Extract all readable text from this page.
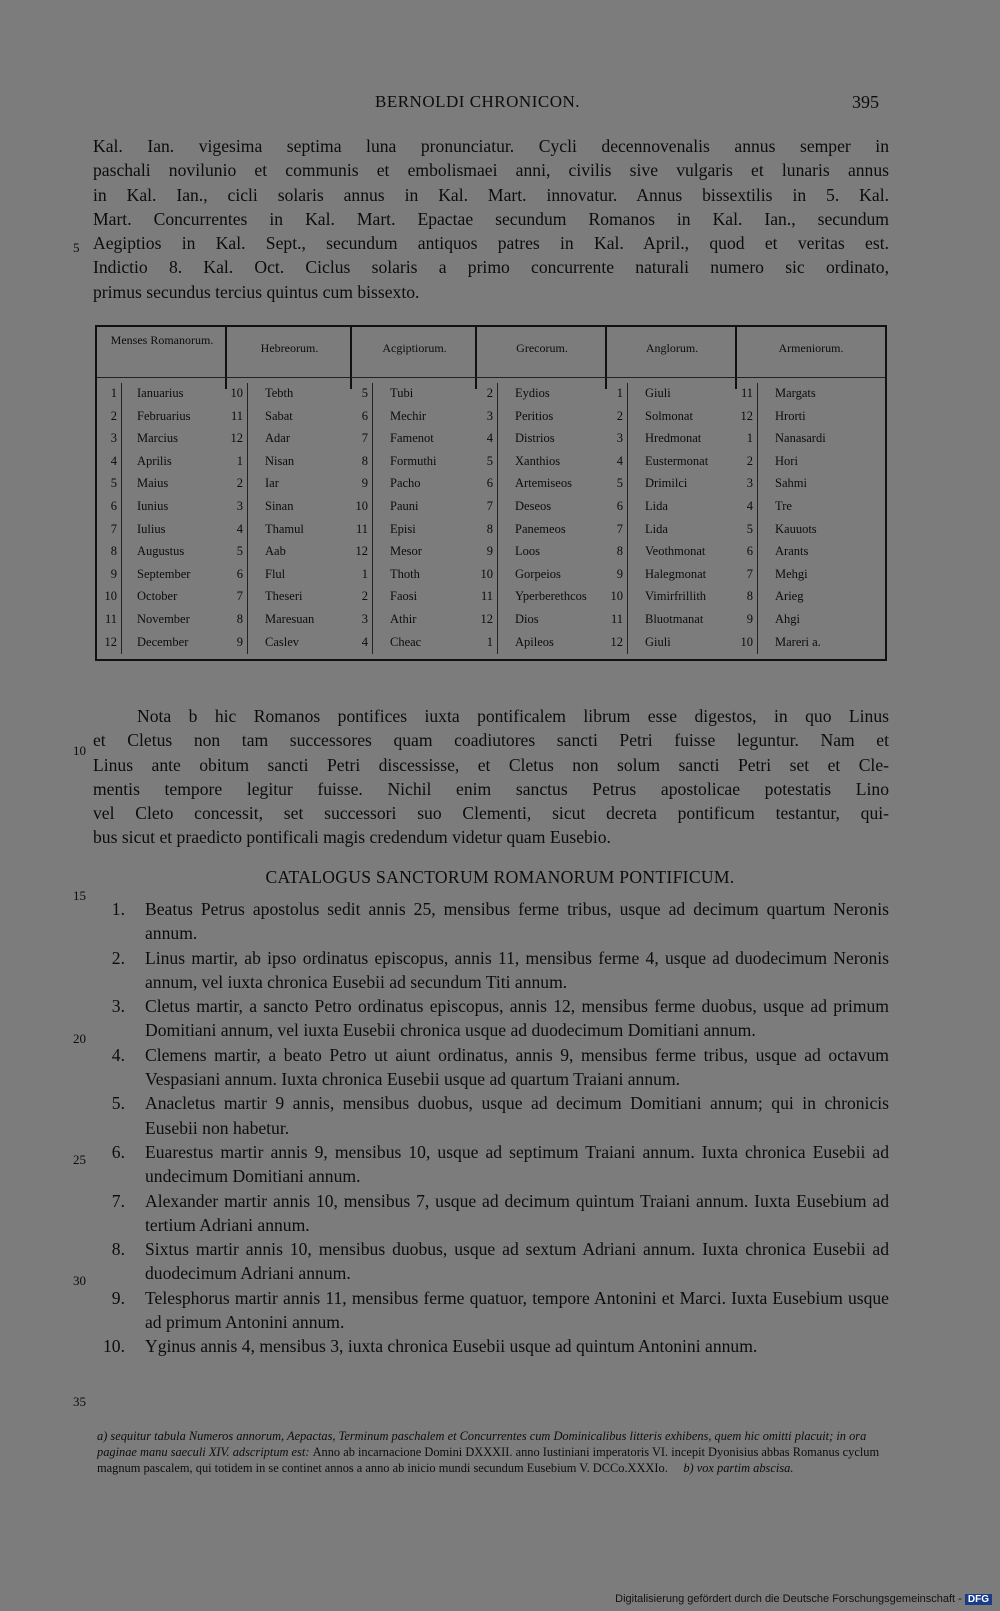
BERNOLDI CHRONICON.	395

Kal. Ian. vigesima septima luna pronunciatur. Cycli decennovenalis annus semper in

paschali novilunio et communis et embolismaei anni, civilis sive vulgaris et lunaris annus

in Kal. Ian., cicli solaris annus in Kal. Mart. innovatur. Annus bissextilis in 5. Kal.

Mart. Concurrentes in Kal. Mart. Epactae secundum Romanos in Kal. Ian., secundum

Aegiptios in Kal. Sept., secundum antiquos patres in Kal. April., quod et veritas est.

Indictio 8. Kal. Oct. Ciclus solaris a primo concurrente naturali numero sic ordinato,

primus secundus tercius quintus cum bissexto.

5
10
15
20
25
30
35
Menses Romanorum.
Hebreorum.	Acgiptiorum.	Grecorum.	Anglorum.	Armeniorum.
1 Ianuarius	10 Tebth	5 Tubi	2 Eydios	1 Giuli	11 Margats
2 Februarius	11 Sabat	6 Mechir	3 Peritios	2 Solmonat	12 Hrorti
3 Marcius	12 Adar	7 Famenot	4 Distrios	3 Hredmonat	1 Nanasardi
4 Aprilis	1 Nisan	8 Formuthi	5 Xanthios	4 Eustermonat	2 Hori
5 Maius	2 Iar	9 Pacho	6 Artemiseos	5 Drimilci	3 Sahmi
6 Iunius	3 Sinan	10 Pauni	7 Deseos	6 Lida	4 Tre
7 Iulius	4 Thamul	11 Episi	8 Panemeos	7 Lida	5 Kauuots
8 Augustus	5 Aab	12 Mesor	9 Loos	8 Veothmonat	6 Arants
9 September	6 Flul	1 Thoth	10 Gorpeios	9 Halegmonat	7 Mehgi
10 October	7 Theseri	2 Faosi	11 Yperberethcos 10 Vimirfrillith	8 Arieg
11 November	8 Maresuan	3 Athir	12 Dios	11 Bluotmanat	9 Ahgi
12 December	9 Caslev	4 Cheac	1 Apileos	12 Giuli	10 Mareri a.

Nota b hic Romanos pontifices iuxta pontificalem librum esse digestos, in quo Linus

et Cletus non tam successores quam coadiutores sancti Petri fuisse leguntur. Nam et

Linus ante obitum sancti Petri discessisse, et Cletus non solum sancti Petri set et Cle-

mentis tempore legitur fuisse. Nichil enim sanctus Petrus apostolicae potestatis Lino

vel Cleto concessit, set successori suo Clementi, sicut decreta pontificum testantur, qui-

bus sicut et praedicto pontificali magis credendum videtur quam Eusebio.

CATALOGUS SANCTORUM ROMANORUM PONTIFICUM.
1. Beatus Petrus apostolus sedit annis 25, mensibus ferme tribus, usque ad decimum quartum Neronis annum.
2. Linus martir, ab ipso ordinatus episcopus, annis 11, mensibus ferme 4, usque ad duodecimum Neronis annum, vel iuxta chronica Eusebii ad secundum Titi annum.
3. Cletus martir, a sancto Petro ordinatus episcopus, annis 12, mensibus ferme duobus, usque ad primum Domitiani annum, vel iuxta Eusebii chronica usque ad duodecimum Domitiani annum.
4. Clemens martir, a beato Petro ut aiunt ordinatus, annis 9, mensibus ferme tribus, usque ad octavum Vespasiani annum. Iuxta chronica Eusebii usque ad quartum Traiani annum.
5. Anacletus martir 9 annis, mensibus duobus, usque ad decimum Domitiani annum; qui in chronicis Eusebii non habetur.
6. Euarestus martir annis 9, mensibus 10, usque ad septimum Traiani annum. Iuxta chronica Eusebii ad undecimum Domitiani annum.
7. Alexander martir annis 10, mensibus 7, usque ad decimum quintum Traiani annum. Iuxta Eusebium ad tertium Adriani annum.
8. Sixtus martir annis 10, mensibus duobus, usque ad sextum Adriani annum. Iuxta chronica Eusebii ad duodecimum Adriani annum.
9. Telesphorus martir annis 11, mensibus ferme quatuor, tempore Antonini et Marci. Iuxta Eusebium usque ad primum Antonini annum.
10. Yginus annis 4, mensibus 3, iuxta chronica Eusebii usque ad quintum Antonini annum.
a) sequitur tabula Numeros annorum, Aepactas, Terminum paschalem et Concurrentes cum Dominicalibus litteris exhibens, quem hic omitti placuit; in ora paginae manu saeculi XIV. adscriptum est: Anno ab incarnacione Domini DXXXII. anno Iustiniani imperatoris VI. incepit Dyonisius abbas Romanus cyclum magnum pascalem, qui totidem in se continet annos a anno ab inicio mundi secundum Eusebium V. DCCo.XXXIo. b) vox partim abscisa.
Digitalisierung gefördert durch die Deutsche Forschungsgemeinschaft - DFG
